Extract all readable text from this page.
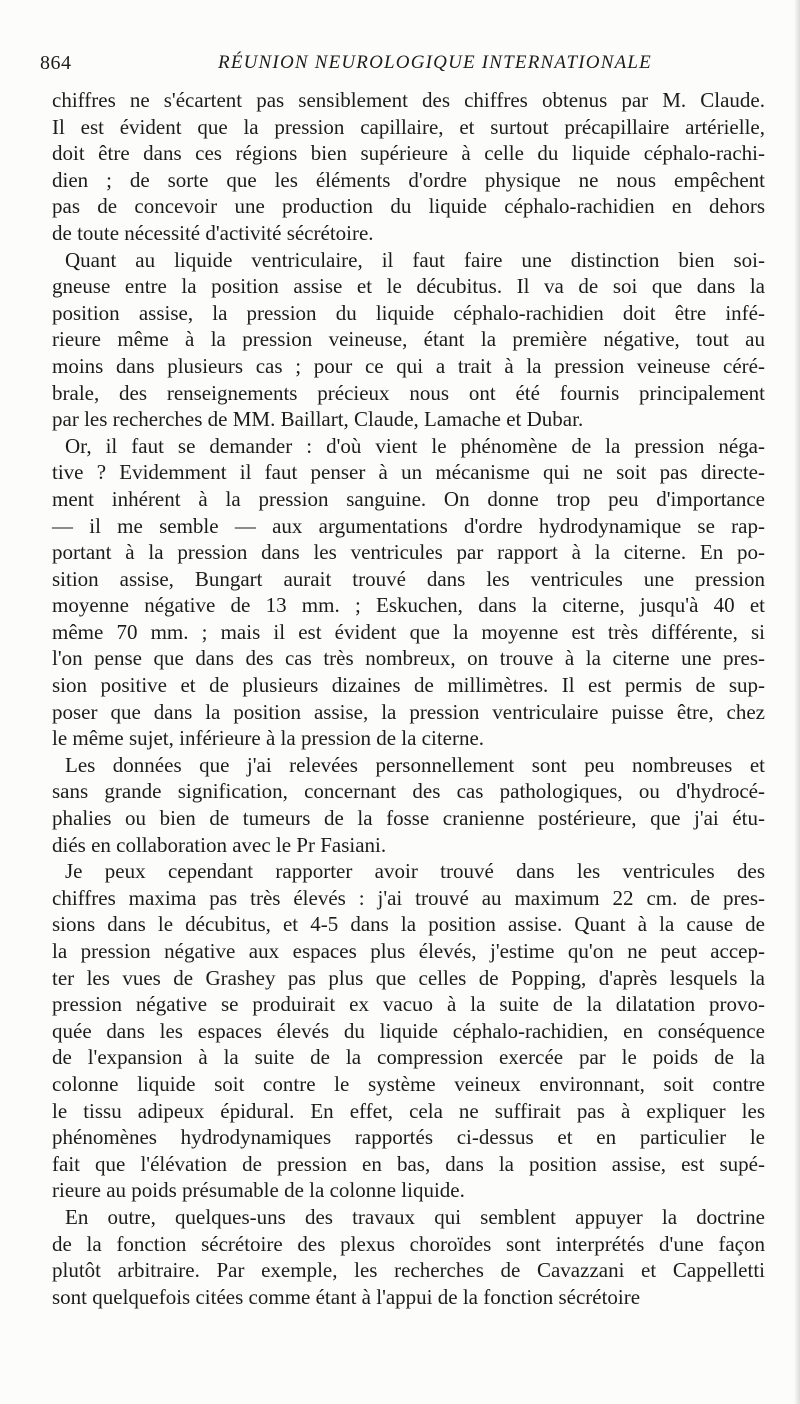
864	RÉUNION NEUROLOGIQUE INTERNATIONALE
chiffres ne s'écartent pas sensiblement des chiffres obtenus par M. Claude.
Il est évident que la pression capillaire, et surtout précapillaire artérielle,
doit être dans ces régions bien supérieure à celle du liquide céphalo-rachi-
dien ; de sorte que les éléments d'ordre physique ne nous empêchent
pas de concevoir une production du liquide céphalo-rachidien en dehors
de toute nécessité d'activité sécrétoire.
Quant au liquide ventriculaire, il faut faire une distinction bien soi-
gneuse entre la position assise et le décubitus. Il va de soi que dans la
position assise, la pression du liquide céphalo-rachidien doit être infé-
rieure même à la pression veineuse, étant la première négative, tout au
moins dans plusieurs cas ; pour ce qui a trait à la pression veineuse céré-
brale, des renseignements précieux nous ont été fournis principalement
par les recherches de MM. Baillart, Claude, Lamache et Dubar.
Or, il faut se demander : d'où vient le phénomène de la pression néga-
tive ? Evidemment il faut penser à un mécanisme qui ne soit pas directe-
ment inhérent à la pression sanguine. On donne trop peu d'importance
— il me semble — aux argumentations d'ordre hydrodynamique se rap-
portant à la pression dans les ventricules par rapport à la citerne. En po-
sition assise, Bungart aurait trouvé dans les ventricules une pression
moyenne négative de 13 mm. ; Eskuchen, dans la citerne, jusqu'à 40 et
même 70 mm. ; mais il est évident que la moyenne est très différente, si
l'on pense que dans des cas très nombreux, on trouve à la citerne une pres-
sion positive et de plusieurs dizaines de millimètres. Il est permis de sup-
poser que dans la position assise, la pression ventriculaire puisse être, chez
le même sujet, inférieure à la pression de la citerne.
Les données que j'ai relevées personnellement sont peu nombreuses et
sans grande signification, concernant des cas pathologiques, ou d'hydrocé-
phalies ou bien de tumeurs de la fosse cranienne postérieure, que j'ai étu-
diés en collaboration avec le Pr Fasiani.
Je peux cependant rapporter avoir trouvé dans les ventricules des
chiffres maxima pas très élevés : j'ai trouvé au maximum 22 cm. de pres-
sions dans le décubitus, et 4-5 dans la position assise. Quant à la cause de
la pression négative aux espaces plus élevés, j'estime qu'on ne peut accep-
ter les vues de Grashey pas plus que celles de Popping, d'après lesquels la
pression négative se produirait ex vacuo à la suite de la dilatation provo-
quée dans les espaces élevés du liquide céphalo-rachidien, en conséquence
de l'expansion à la suite de la compression exercée par le poids de la
colonne liquide soit contre le système veineux environnant, soit contre
le tissu adipeux épidural. En effet, cela ne suffirait pas à expliquer les
phénomènes hydrodynamiques rapportés ci-dessus et en particulier le
fait que l'élévation de pression en bas, dans la position assise, est supé-
rieure au poids présumable de la colonne liquide.
En outre, quelques-uns des travaux qui semblent appuyer la doctrine
de la fonction sécrétoire des plexus choroïdes sont interprétés d'une façon
plutôt arbitraire. Par exemple, les recherches de Cavazzani et Cappelletti
sont quelquefois citées comme étant à l'appui de la fonction sécrétoire
